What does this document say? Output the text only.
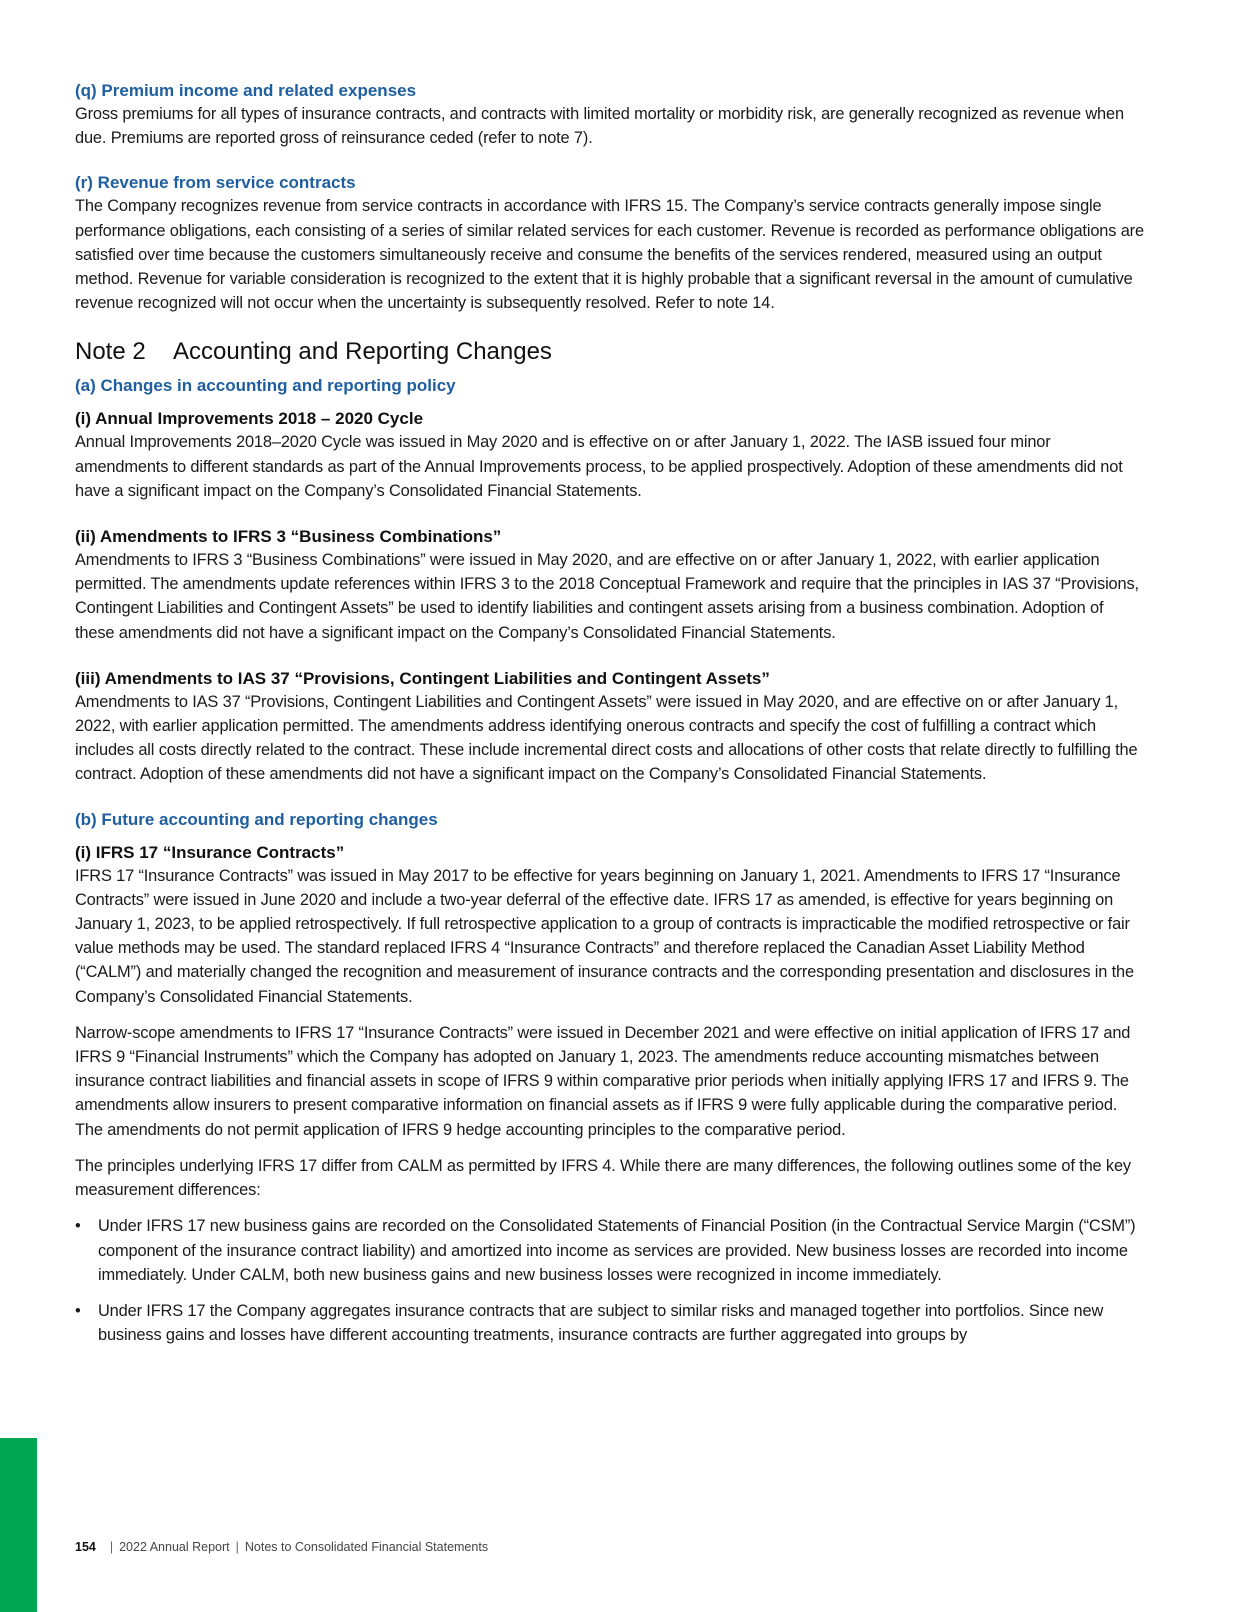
(q) Premium income and related expenses

Gross premiums for all types of insurance contracts, and contracts with limited mortality or morbidity risk, are generally recognized as revenue when due. Premiums are reported gross of reinsurance ceded (refer to note 7).

(r) Revenue from service contracts

The Company recognizes revenue from service contracts in accordance with IFRS 15. The Company’s service contracts generally impose single performance obligations, each consisting of a series of similar related services for each customer. Revenue is recorded as performance obligations are satisfied over time because the customers simultaneously receive and consume the benefits of the services rendered, measured using an output method. Revenue for variable consideration is recognized to the extent that it is highly probable that a significant reversal in the amount of cumulative revenue recognized will not occur when the uncertainty is subsequently resolved. Refer to note 14.

Note 2 Accounting and Reporting Changes
(a) Changes in accounting and reporting policy
(i) Annual Improvements 2018 – 2020 Cycle

Annual Improvements 2018–2020 Cycle was issued in May 2020 and is effective on or after January 1, 2022. The IASB issued four minor amendments to different standards as part of the Annual Improvements process, to be applied prospectively. Adoption of these amendments did not have a significant impact on the Company’s Consolidated Financial Statements.

(ii) Amendments to IFRS 3 “Business Combinations”

Amendments to IFRS 3 “Business Combinations” were issued in May 2020, and are effective on or after January 1, 2022, with earlier application permitted. The amendments update references within IFRS 3 to the 2018 Conceptual Framework and require that the principles in IAS 37 “Provisions, Contingent Liabilities and Contingent Assets” be used to identify liabilities and contingent assets arising from a business combination. Adoption of these amendments did not have a significant impact on the Company’s Consolidated Financial Statements.

(iii) Amendments to IAS 37 “Provisions, Contingent Liabilities and Contingent Assets”

Amendments to IAS 37 “Provisions, Contingent Liabilities and Contingent Assets” were issued in May 2020, and are effective on or after January 1, 2022, with earlier application permitted. The amendments address identifying onerous contracts and specify the cost of fulfilling a contract which includes all costs directly related to the contract. These include incremental direct costs and allocations of other costs that relate directly to fulfilling the contract. Adoption of these amendments did not have a significant impact on the Company’s Consolidated Financial Statements.

(b) Future accounting and reporting changes
(i) IFRS 17 “Insurance Contracts”

IFRS 17 “Insurance Contracts” was issued in May 2017 to be effective for years beginning on January 1, 2021. Amendments to IFRS 17 “Insurance Contracts” were issued in June 2020 and include a two-year deferral of the effective date. IFRS 17 as amended, is effective for years beginning on January 1, 2023, to be applied retrospectively. If full retrospective application to a group of contracts is impracticable the modified retrospective or fair value methods may be used. The standard replaced IFRS 4 “Insurance Contracts” and therefore replaced the Canadian Asset Liability Method (“CALM”) and materially changed the recognition and measurement of insurance contracts and the corresponding presentation and disclosures in the Company’s Consolidated Financial Statements.

Narrow-scope amendments to IFRS 17 “Insurance Contracts” were issued in December 2021 and were effective on initial application of IFRS 17 and IFRS 9 “Financial Instruments” which the Company has adopted on January 1, 2023. The amendments reduce accounting mismatches between insurance contract liabilities and financial assets in scope of IFRS 9 within comparative prior periods when initially applying IFRS 17 and IFRS 9. The amendments allow insurers to present comparative information on financial assets as if IFRS 9 were fully applicable during the comparative period. The amendments do not permit application of IFRS 9 hedge accounting principles to the comparative period.

The principles underlying IFRS 17 differ from CALM as permitted by IFRS 4. While there are many differences, the following outlines some of the key measurement differences:

• Under IFRS 17 new business gains are recorded on the Consolidated Statements of Financial Position (in the Contractual Service Margin (“CSM”) component of the insurance contract liability) and amortized into income as services are provided. New business losses are recorded into income immediately. Under CALM, both new business gains and new business losses were recognized in income immediately.
• Under IFRS 17 the Company aggregates insurance contracts that are subject to similar risks and managed together into portfolios. Since new business gains and losses have different accounting treatments, insurance contracts are further aggregated into groups by
154 | 2022 Annual Report | Notes to Consolidated Financial Statements
